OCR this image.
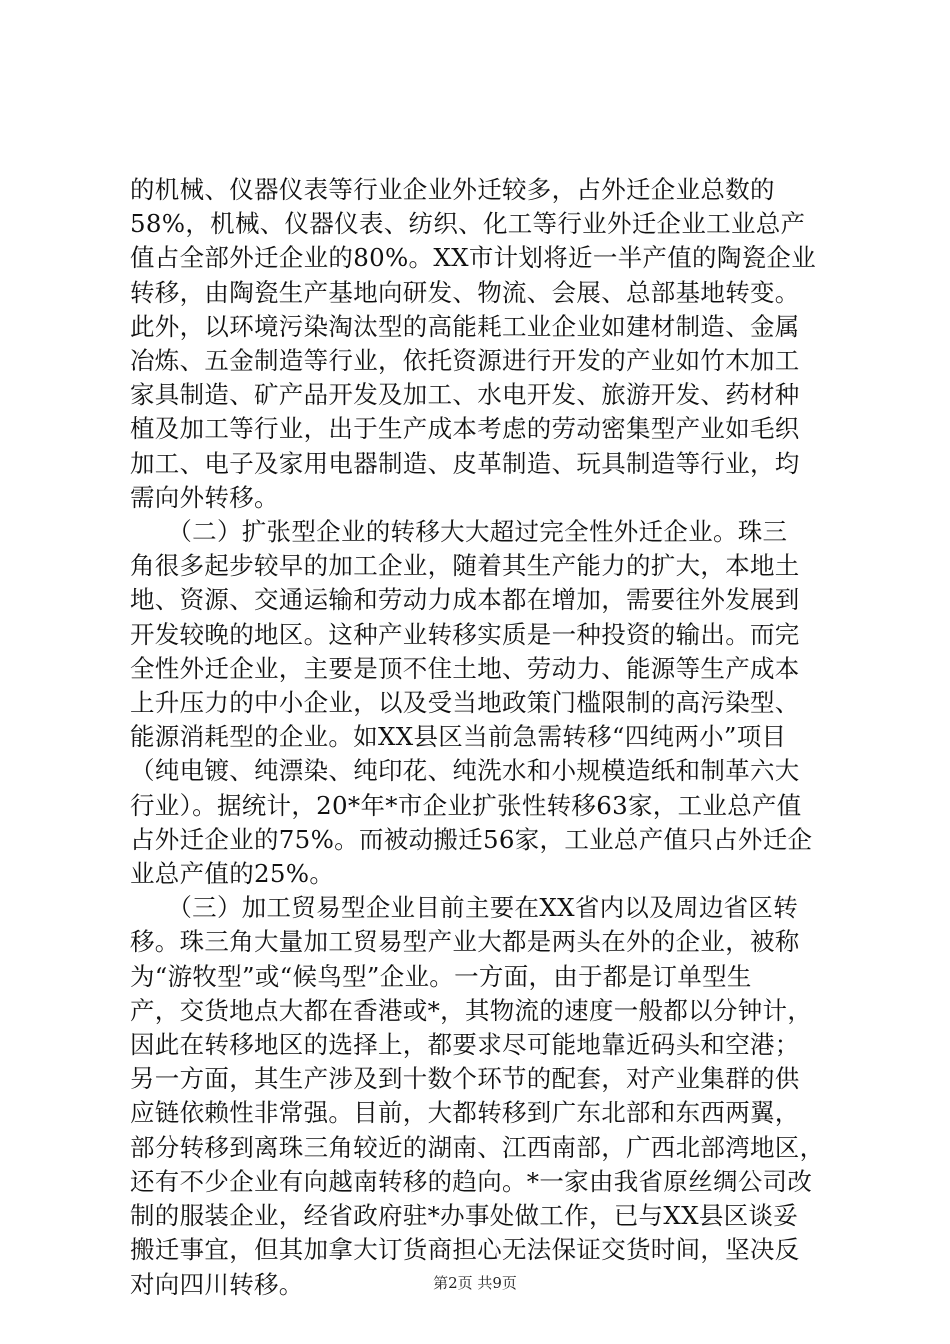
的机械、仪器仪表等行业企业外迁较多，占外迁企业总数的
58%，机械、仪器仪表、纺织、化工等行业外迁企业工业总产
值占全部外迁企业的80%。XX市计划将近一半产值的陶瓷企业
转移，由陶瓷生产基地向研发、物流、会展、总部基地转变。
此外，以环境污染淘汰型的高能耗工业企业如建材制造、金属
冶炼、五金制造等行业，依托资源进行开发的产业如竹木加工
家具制造、矿产品开发及加工、水电开发、旅游开发、药材种
植及加工等行业，出于生产成本考虑的劳动密集型产业如毛织
加工、电子及家用电器制造、皮革制造、玩具制造等行业，均
需向外转移。
　　（二）扩张型企业的转移大大超过完全性外迁企业。珠三
角很多起步较早的加工企业，随着其生产能力的扩大，本地土
地、资源、交通运输和劳动力成本都在增加，需要往外发展到
开发较晚的地区。这种产业转移实质是一种投资的输出。而完
全性外迁企业，主要是顶不住土地、劳动力、能源等生产成本
上升压力的中小企业，以及受当地政策门槛限制的高污染型、
能源消耗型的企业。如XX县区当前急需转移“四纯两小”项目
（纯电镀、纯漂染、纯印花、纯洗水和小规模造纸和制革六大
行业）。据统计，20*年*市企业扩张性转移63家，工业总产值
占外迁企业的75%。而被动搬迁56家，工业总产值只占外迁企
业总产值的25%。
　　（三）加工贸易型企业目前主要在XX省内以及周边省区转
移。珠三角大量加工贸易型产业大都是两头在外的企业，被称
为“游牧型”或“候鸟型”企业。一方面，由于都是订单型生
产，交货地点大都在香港或*，其物流的速度一般都以分钟计，
因此在转移地区的选择上，都要求尽可能地靠近码头和空港；
另一方面，其生产涉及到十数个环节的配套，对产业集群的供
应链依赖性非常强。目前，大都转移到广东北部和东西两翼，
部分转移到离珠三角较近的湖南、江西南部，广西北部湾地区，
还有不少企业有向越南转移的趋向。*一家由我省原丝绸公司改
制的服装企业，经省政府驻*办事处做工作，已与XX县区谈妥
搬迁事宜，但其加拿大订货商担心无法保证交货时间，坚决反
对向四川转移。	第2页 共9页
